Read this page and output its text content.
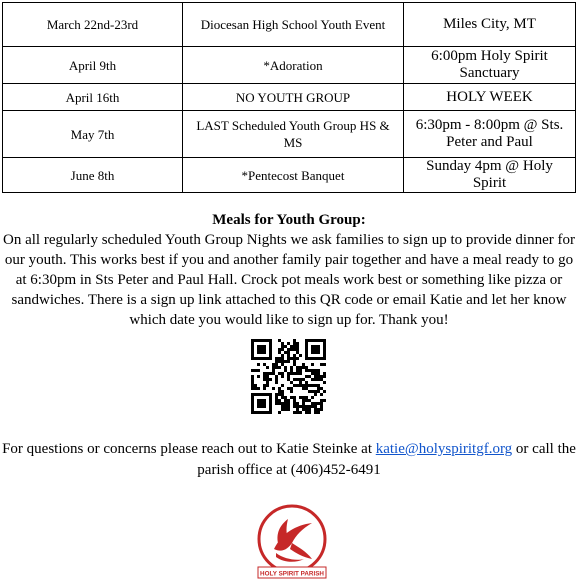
March 22nd-23rd	Diocesan High School Youth Event	Miles City, MT
April 9th	*Adoration	6:00pm Holy Spirit Sanctuary
April 16th	NO YOUTH GROUP	HOLY WEEK
May 7th	LAST Scheduled Youth Group HS & MS	6:30pm - 8:00pm @ Sts. Peter and Paul
June 8th	*Pentecost Banquet	Sunday 4pm @ Holy Spirit
Meals for Youth Group:
On all regularly scheduled Youth Group Nights we ask families to sign up to provide dinner for our youth. This works best if you and another family pair together and have a meal ready to go at 6:30pm in Sts Peter and Paul Hall. Crock pot meals work best or something like pizza or sandwiches. There is a sign up link attached to this QR code or email Katie and let her know which date you would like to sign up for. Thank you!
For questions or concerns please reach out to Katie Steinke at katie@holyspiritgf.org or call the parish office at (406)452-6491
HOLY SPIRIT PARISH
